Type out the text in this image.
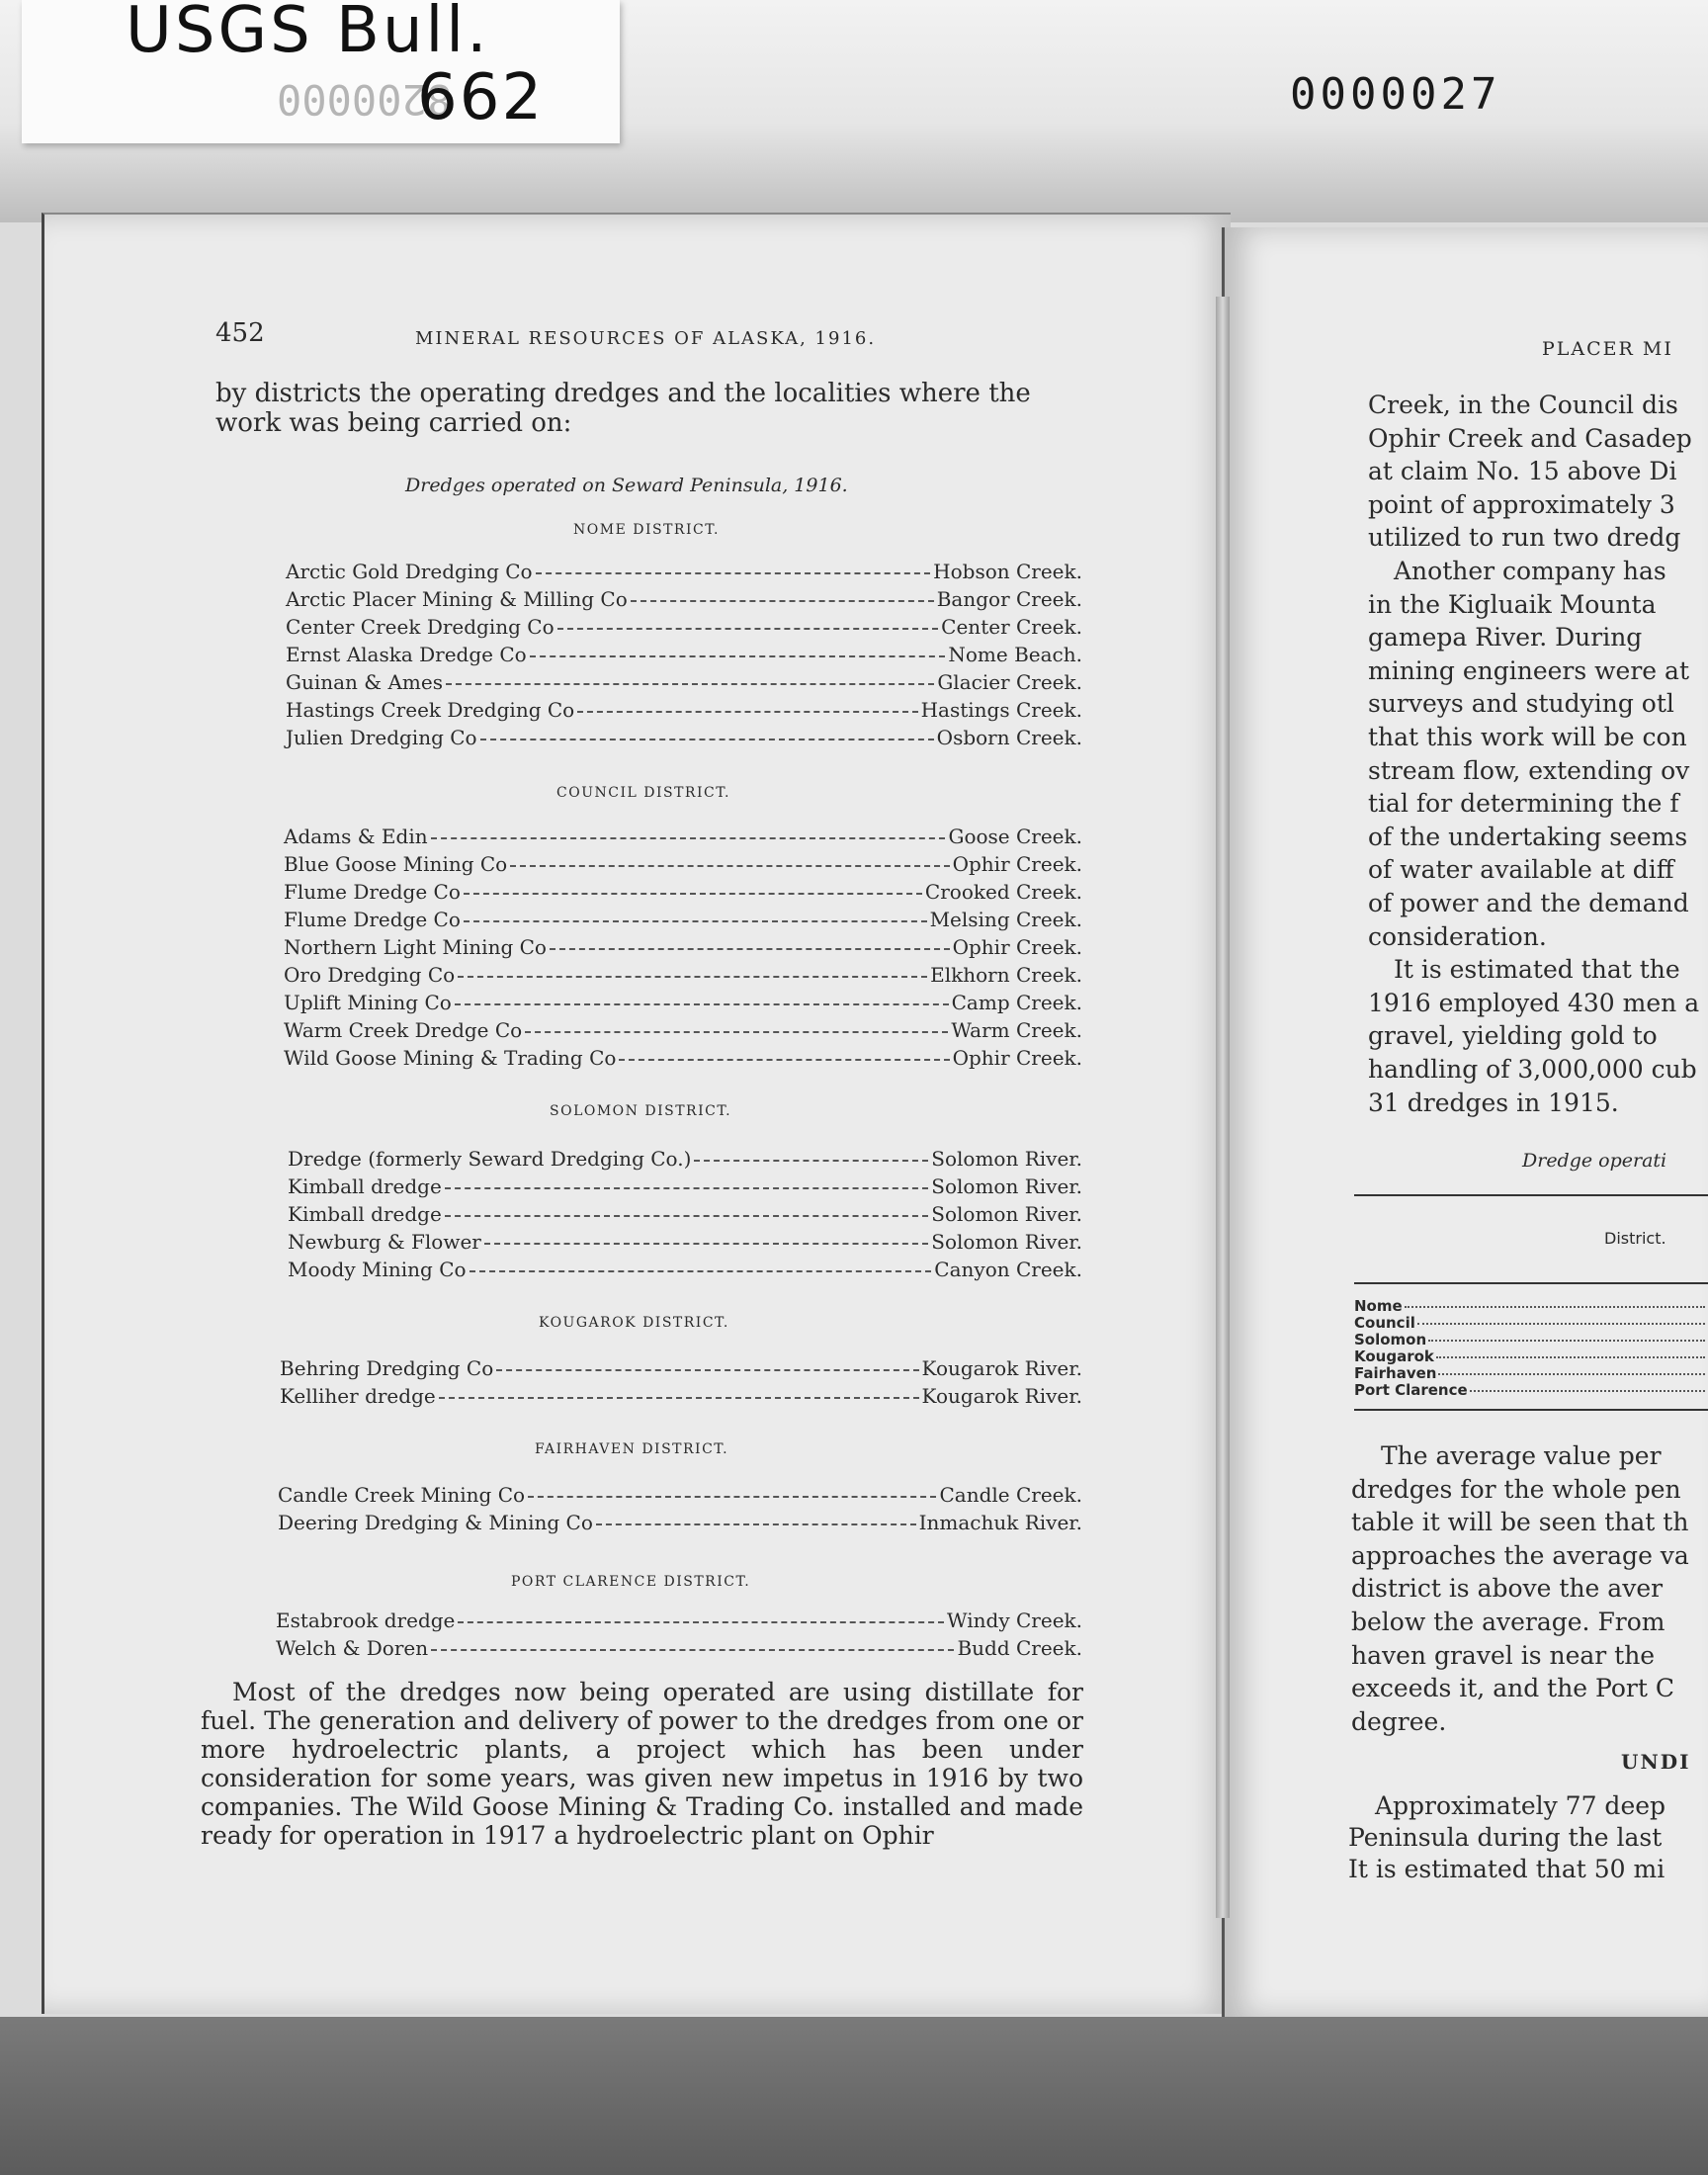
USGS Bull.
8200000
662	0000027
452	MINERAL RESOURCES OF ALASKA, 1916.
by districts the operating dredges and the localities where the work was being carried on:
Dredges operated on Seward Peninsula, 1916.
NOME DISTRICT.
Arctic Gold Dredging Co	Hobson Creek.
Arctic Placer Mining & Milling Co	Bangor Creek.
Center Creek Dredging Co	Center Creek.
Ernst Alaska Dredge Co	Nome Beach.
Guinan & Ames	Glacier Creek.
Hastings Creek Dredging Co	Hastings Creek.
Julien Dredging Co	Osborn Creek.
COUNCIL DISTRICT.
Adams & Edin	Goose Creek.
Blue Goose Mining Co	Ophir Creek.
Flume Dredge Co	Crooked Creek.
Flume Dredge Co	Melsing Creek.
Northern Light Mining Co	Ophir Creek.
Oro Dredging Co	Elkhorn Creek.
Uplift Mining Co	Camp Creek.
Warm Creek Dredge Co	Warm Creek.
Wild Goose Mining & Trading Co	Ophir Creek.
SOLOMON DISTRICT.
Dredge (formerly Seward Dredging Co.)	Solomon River.
Kimball dredge	Solomon River.
Kimball dredge	Solomon River.
Newburg & Flower	Solomon River.
Moody Mining Co	Canyon Creek.
KOUGAROK DISTRICT.
Behring Dredging Co	Kougarok River.
Kelliher dredge	Kougarok River.
FAIRHAVEN DISTRICT.
Candle Creek Mining Co	Candle Creek.
Deering Dredging & Mining Co	Inmachuk River.
PORT CLARENCE DISTRICT.
Estabrook dredge	Windy Creek.
Welch & Doren	Budd Creek.
Most of the dredges now being operated are using distillate for fuel. The generation and delivery of power to the dredges from one or more hydroelectric plants, a project which has been under consideration for some years, was given new impetus in 1916 by two companies. The Wild Goose Mining & Trading Co. installed and made ready for operation in 1917 a hydroelectric plant on Ophir
PLACER MI
Creek, in the Council dis
Ophir Creek and Casadep
at claim No. 15 above Di
point of approximately 3
utilized to run two dredg
Another company has
in the Kigluaik Mounta
gamepa River. During
mining engineers were at
surveys and studying otl
that this work will be con
stream flow, extending ov
tial for determining the f
of the undertaking seems
of water available at diff
of power and the demand
consideration.
It is estimated that the
1916 employed 430 men a
gravel, yielding gold to
handling of 3,000,000 cub
31 dredges in 1915.
Dredge operati
District.
Nome
Council
Solomon
Kougarok
Fairhaven
Port Clarence
The average value per
dredges for the whole pen
table it will be seen that th
approaches the average va
district is above the aver
below the average. From
haven gravel is near the
exceeds it, and the Port C
degree.
UNDI
Approximately 77 deep
Peninsula during the last
It is estimated that 50 mi
